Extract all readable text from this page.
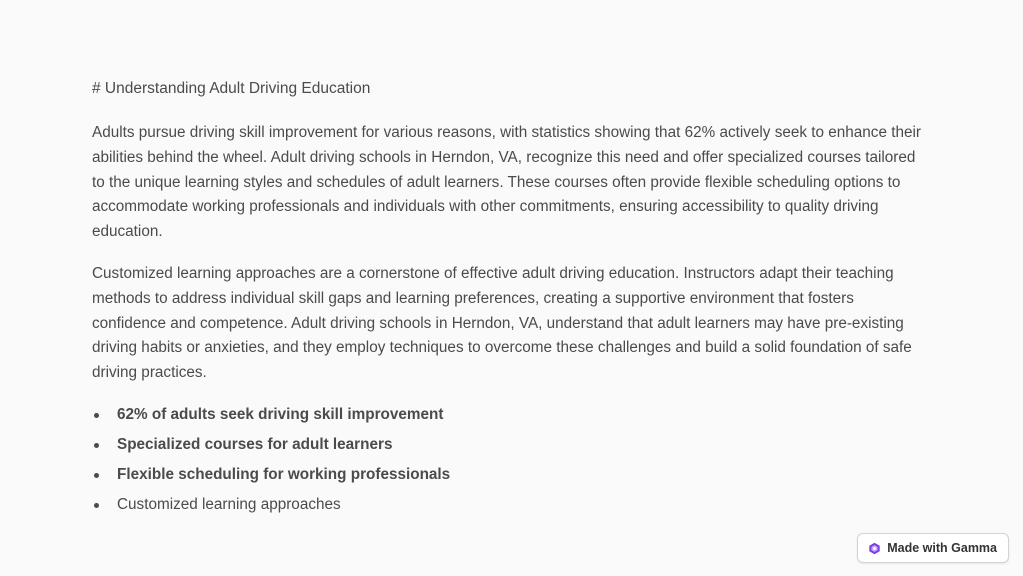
# Understanding Adult Driving Education

Adults pursue driving skill improvement for various reasons, with statistics showing that 62% actively seek to enhance their abilities behind the wheel. Adult driving schools in Herndon, VA, recognize this need and offer specialized courses tailored to the unique learning styles and schedules of adult learners. These courses often provide flexible scheduling options to accommodate working professionals and individuals with other commitments, ensuring accessibility to quality driving education.

Customized learning approaches are a cornerstone of effective adult driving education. Instructors adapt their teaching methods to address individual skill gaps and learning preferences, creating a supportive environment that fosters confidence and competence. Adult driving schools in Herndon, VA, understand that adult learners may have pre-existing driving habits or anxieties, and they employ techniques to overcome these challenges and build a solid foundation of safe driving practices.

62% of adults seek driving skill improvement
Specialized courses for adult learners
Flexible scheduling for working professionals
Customized learning approaches
Made with Gamma
